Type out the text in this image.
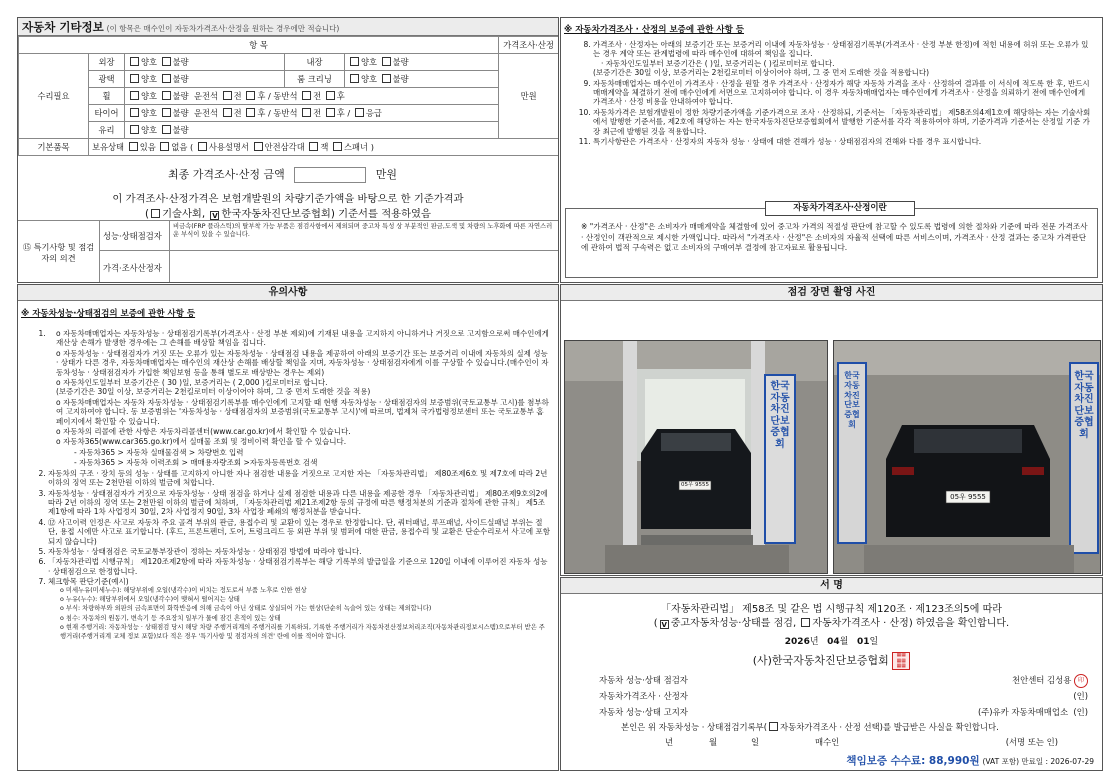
자동차 기타정보 (이 항목은 매수인이 자동차가격조사·산정을 원하는 경우에만 적습니다)
항 목					가격조사·산정
수리필요	외장	양호 불량	내장	양호 불량	만원
	광택	양호 불량	룸 크리닝	양호 불량	
	휠	양호 불량 운전석 전 후 / 동반석 전 후			
	타이어	양호 불량 운전석 전 후 / 동반석 전 후 / 응급			
	유리	양호 불량			
기본품목	보유상태 있음 없음 ( 사용설명서 안전삼각대 잭 스패너 )				
최종 가격조사·산정 금액	만원
이 가격조사·산정가격은 보험개발원의 차량기준가액을 바탕으로 한 기준가격과
( 기술사회, V 한국자동차진단보증협회) 기준서를 적용하였음
⑮ 특기사항 및 점검자의 의견	성능·상태점검자	비금속(FRP 플라스틱)의 탈부착 가능 부품은 점검사항에서 제외되며 중고차 특성 상 부분적인 판금,도색 및 차량의 노후화에 따른 자연스러운 부식이 있을 수 있습니다.
	가격·조사산정자	
※ 자동차가격조사 · 산정의 보증에 관한 사항 등
8. 가격조사 · 산정자는 아래의 보증기간 또는 보증거리 이내에 자동차성능 · 상태점검기록부(가격조사 · 산정 부분 한정)에 적힌 내용에 허위 또는 오류가 있는 경우 계약 또는 관계법령에 따라 매수인에 대하여 책임을 집니다.
· 자동차인도일부터 보증기간은 ( )일, 보증거리는 ( )킬로미터로 합니다.
(보증기간은 30일 이상, 보증거리는 2천킬로미터 이상이어야 하며, 그 중 먼저 도래한 것을 적용합니다)
9. 자동차매매업자는 매수인이 가격조사 · 산정을 원할 경우 가격조사 · 산정자가 해당 자동차 가격을 조사 · 산정하여 결과를 이 서식에 적도록 한 후, 반드시 매매계약을 체결하기 전에 매수인에게 서면으로 고지하여야 합니다. 이 경우 자동차매매업자는 매수인에게 가격조사 · 산정을 의뢰하기 전에 매수인에게 가격조사 · 산정 비용을 안내하여야 합니다.
10. 자동차가격은 보험개발원이 정한 차량기준가액을 기준가격으로 조사 · 산정하되, 기준서는 「자동차관리법」 제58조의4제1호에 해당하는 자는 기술사회에서 발행한 기준서를, 제2호에 해당하는 자는 한국자동차진단보증협회에서 발행한 기준서를 각각 적용하여야 하며, 기준가격과 기준서는 산정일 기준 가장 최근에 발행된 것을 적용합니다.
11. 특기사항란은 가격조사 · 산정자의 자동차 성능 · 상태에 대한 견해가 성능 · 상태점검자의 견해와 다를 경우 표시합니다.
자동차가격조사·산정이란
※ "가격조사 · 산정"은 소비자가 매매계약을 체결함에 있어 중고차 가격의 적절성 판단에 참고할 수 있도록 법령에 의한 절차와 기준에 따라 전문 가격조사 · 산정인이 객관적으로 제시한 가액입니다. 따라서 "가격조사 · 산정"은 소비자의 자율적 선택에 따른 서비스이며, 가격조사 · 산정 결과는 중고차 가격판단에 관하여 법적 구속력은 없고 소비자의 구매여부 결정에 참고자료로 활용됩니다.
유의사항
※ 자동차성능·상태점검의 보증에 관한 사항 등
o 1. 자동차매매업자는 자동차성능 · 상태점검기록부(가격조사 · 산정 부분 제외)에 기재된 내용을 고지하지 아니하거나 거짓으로 고지함으로써 매수인에게 재산상 손해가 발생한 경우에는 그 손해를 배상할 책임을 집니다.
o 자동차성능 · 상태점검자가 거짓 또는 오류가 있는 자동차성능 · 상태점검 내용을 제공하여 아래의 보증기간 또는 보증거리 이내에 자동차의 실제 성능 · 상태가 다른 경우, 자동차매매업자는 매수인의 재산상 손해를 배상할 책임을 지며, 자동차성능 · 상태점검자에게 이를 구상할 수 있습니다.(매수인이 자동차성능 · 상태점검자가 가입한 책임보험 등을 통해 별도로 배상받는 경우는 제외)
o 자동차인도일부터 보증기간은 ( 30 )일, 보증거리는 ( 2,000 )킬로미터로 합니다.
(보증기간은 30일 이상, 보증거리는 2천킬로미터 이상이어야 하며, 그 중 먼저 도래한 것을 적용)
o 자동차매매업자는 자동차 자동차성능 · 상태점검기록부를 매수인에게 고지할 때 현행 자동차성능 · 상태점검자의 보증범위(국토교통부 고시)를 첨부하여 고지하여야 합니다. 동 보증범위는 '자동차성능 · 상태점검자의 보증범위(국토교통부 고시)'에 따르며, 법제처 국가법령정보센터 또는 국토교통부 홈페이지에서 확인할 수 있습니다.
o 자동차의 리콜에 관한 사항은 자동차리콜센터(www.car.go.kr)에서 확인할 수 있습니다.
o 자동차365(www.car365.go.kr)에서 실매물 조회 및 정비이력 확인을 할 수 있습니다.
- 자동차365 > 자동차 실매물검색 > 차량번호 입력
- 자동차365 > 자동차 이력조회 > 매매용자량조회 >자동차등록번호 검색
2. 자동차의 구조 · 장치 등의 성능 · 상태를 고지하지 아니한 자나 점검한 내용을 거짓으로 고지한 자는 「자동차관리법」 제80조제6호 및 제7호에 따라 2년 이하의 징역 또는 2천만원 이하의 벌금에 처합니다.
3. 자동차성능 · 상태점검자가 거짓으로 자동차성능 · 상태 점검을 하거나 실제 점검한 내용과 다른 내용을 제공한 경우 「자동차관리법」 제80조제9호의2에 따라 2년 이하의 징역 또는 2천만원 이하의 벌금에 처하며, 「자동차관리법 제21조제2항 등의 규정에 따른 행정처분의 기준과 절차에 관한 규칙」 제5조제1항에 따라 1차 사업정지 30일, 2차 사업정지 90일, 3차 사업장 폐쇄의 행정처분을 받습니다.
4. ⑫ 사고이력 인정은 사고로 자동차 주요 골격 부위의 판금, 용접수리 및 교환이 있는 경우로 한정합니다. 단, 쿼터패널, 루프패널, 사이드실패널 부위는 절단, 용접 시에만 사고로 표기합니다. (후드, 프론트펜더, 도어, 트렁크리드 등 외판 부위 및 범퍼에 대한 판금, 용접수리 및 교환은 단순수리로서 사고에 포함되지 않습니다)
5. 자동차성능 · 상태점검은 국토교통부장관이 정하는 자동차성능 · 상태점검 방법에 따라야 합니다.
6. 「자동차관리법 시행규칙」 제120조제2항에 따라 자동차성능 · 상태점검기록부는 해당 기록부의 발급일을 기준으로 120일 이내에 이루어진 자동차 성능 · 상태점검으로 한정합니다.
7. 체크항목 판단기준(예시)
o 미세누유(미세누수): 해당부위에 오일(냉각수)이 비치는 정도로서 부품 노후로 인한 현상
o 누유(누수): 해당부위에서 오일(냉각수)이 맺혀서 떨어지는 상태
o 부식: 차량하부와 외판의 금속표면이 화학반응에 의해 금속이 아닌 상태로 상실되어 가는 현상(단순히 녹슬어 있는 상태는 제외합니다)
o 침수: 자동차의 원동기, 변속기 등 주요장치 일부가 물에 잠긴 흔적이 있는 상태
o 현재 주행거리: 자동차성능 · 상태점검 당시 해당 차량 주행거리계의 주행거리를 기록하되, 기록한 주행거리가 자동차전산정보처리조직(자동차관리정보시스템)으로부터 받은 주행거리(주행거리계 교체 정보 포함)보다 적은 경우 '특기사항 및 점검자의 의견' 란에 이를 적어야 합니다.
점검 장면 촬영 사진
한국자동차진단보증협회
05우 9555
한국자동차진단보증협회
한국자동차진단보증협회
05우 9555
서 명
「자동차관리법」 제58조 및 같은 법 시행규칙 제120조 · 제123조의5에 따라
( V 중고자동차성능·상태를 점검, 자동차가격조사 · 산정) 하였음을 확인합니다.
2026년 04월 01일
(사)한국자동차진단보증협회 ▦▦
▦▦
▦▦
자동차 성능·상태 점검자	천안센터 김성용 印
자동차가격조사 · 산정자	(인)
자동차 성능·상태 고지자	(주)유카 자동차매매업소 (인)
본인은 위 자동차성능 · 상태점검기록부( 자동차가격조사 · 산정 선택)를 발급받은 사실을 확인합니다.
년	월	일	매수인	(서명 또는 인)
책임보증 수수료: 88,990원 (VAT 포함) 만료일 : 2026-07-29
